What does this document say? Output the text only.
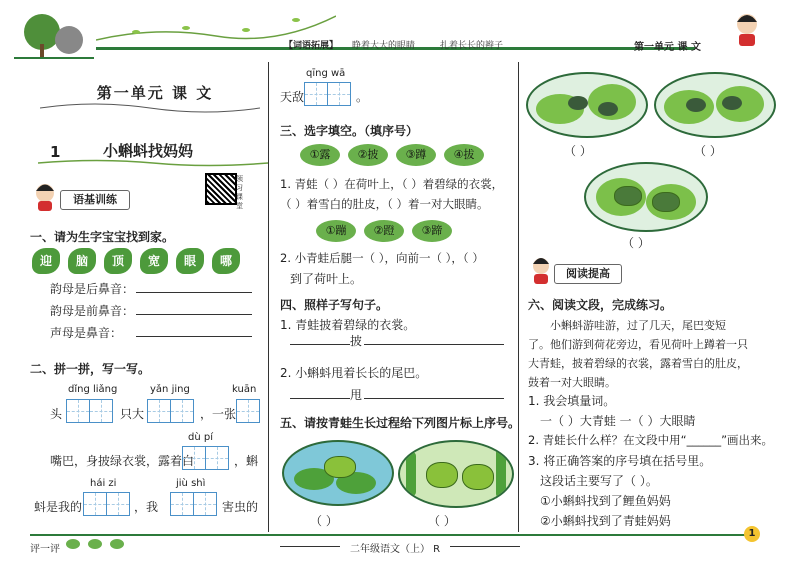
【词语拓展】 睁着大大的眼睛	扎着长长的辫子	第一单元 课 文
第一单元 课 文
1	小蝌蚪找妈妈
领习课堂
语基训练
一、请为生字宝宝找到家。
迎 脑 顶 宽 眼 哪
韵母是后鼻音：
韵母是前鼻音：
声母是鼻音：
二、拼一拼，写一写。
dǐng liǎng	yǎn jing	kuān
头	只大	，一张
dù pí
嘴巴，身披绿衣裳，露着白	，蝌
hái zi	jiù shì
蚪是我的	，我	害虫的
qīng wā
天敌	。
三、选字填空。（填序号）
①露 ②披 ③蹲 ④拔
1. 青蛙（ ）在荷叶上，（ ）着碧绿的衣裳，
（ ）着雪白的肚皮，（ ）着一对大眼睛。
①蹦 ②蹬 ③蹄
2. 小青蛙后腿一（ ），向前一（ ），（ ）
到了荷叶上。
四、照样子写句子。
1. 青蛙披着碧绿的衣裳。
披
2. 小蝌蚪甩着长长的尾巴。
甩
五、请按青蛙生长过程给下列图片标上序号。
（ ）	（ ）
（ ）	（ ）
（ ）
阅读提高
六、阅读文段，完成练习。
小蝌蚪游哇游，过了几天，尾巴变短
了。他们游到荷花旁边，看见荷叶上蹲着一只
大青蛙，披着碧绿的衣裳，露着雪白的肚皮，
鼓着一对大眼睛。
1. 我会填量词。
一（ ）大青蛙 一（ ）大眼睛
2. 青蛙长什么样？在文段中用“______”画出来。
3. 将正确答案的序号填在括号里。
这段话主要写了（ ）。
①小蝌蚪找到了鲤鱼妈妈
②小蝌蚪找到了青蛙妈妈
评一评
	二年级语文（上） R
1
